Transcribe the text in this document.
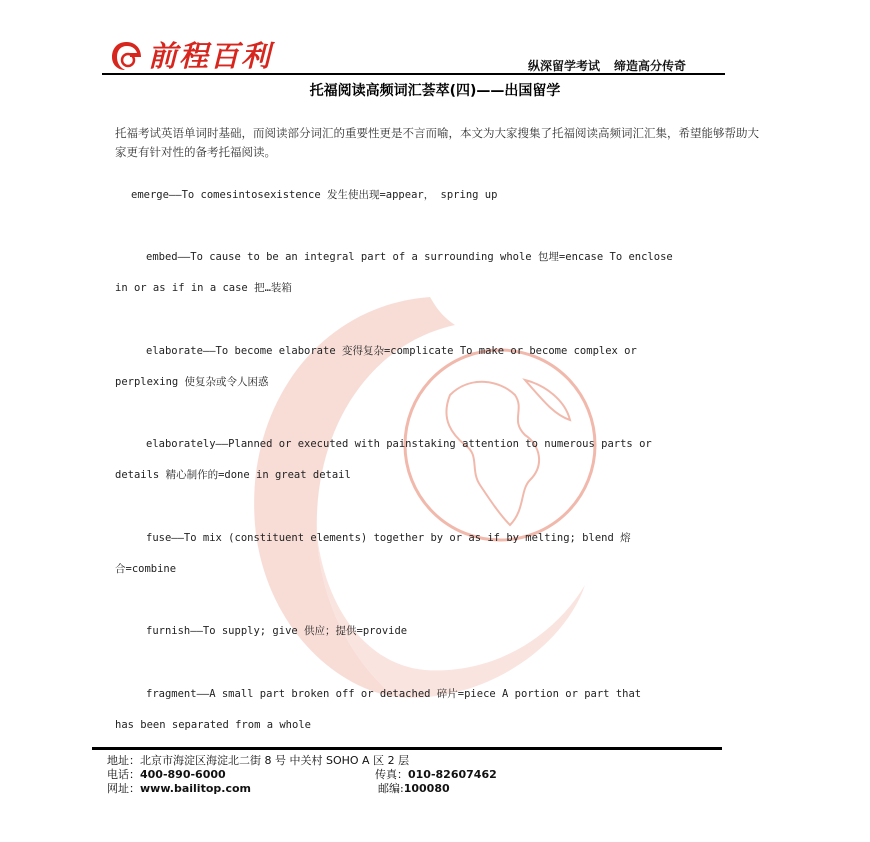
前程百利	纵深留学考试 缔造高分传奇
托福阅读高频词汇荟萃(四)——出国留学
托福考试英语单词时基础，而阅读部分词汇的重要性更是不言而喻，本文为大家搜集了托福阅读高频词汇汇集，希望能够帮助大家更有针对性的备考托福阅读。
emerge——To comesintosexistence 发生使出现=appear， spring up
embed——To cause to be an integral part of a surrounding whole 包埋=encase To enclose
in or as if in a case 把…装箱
elaborate——To become elaborate 变得复杂=complicate To make or become complex or
perplexing 使复杂或令人困惑
elaborately——Planned or executed with painstaking attention to numerous parts or
details 精心制作的=done in great detail
fuse——To mix (constituent elements) together by or as if by melting; blend 熔
合=combine
furnish——To supply; give 供应；提供=provide
fragment——A small part broken off or detached 碎片=piece A portion or part that
has been separated from a whole
地址：北京市海淀区海淀北二街 8 号 中关村 SOHO A 区 2 层
电话：400-890-6000	传真：010-82607462
网址：www.bailitop.com	邮编:100080
